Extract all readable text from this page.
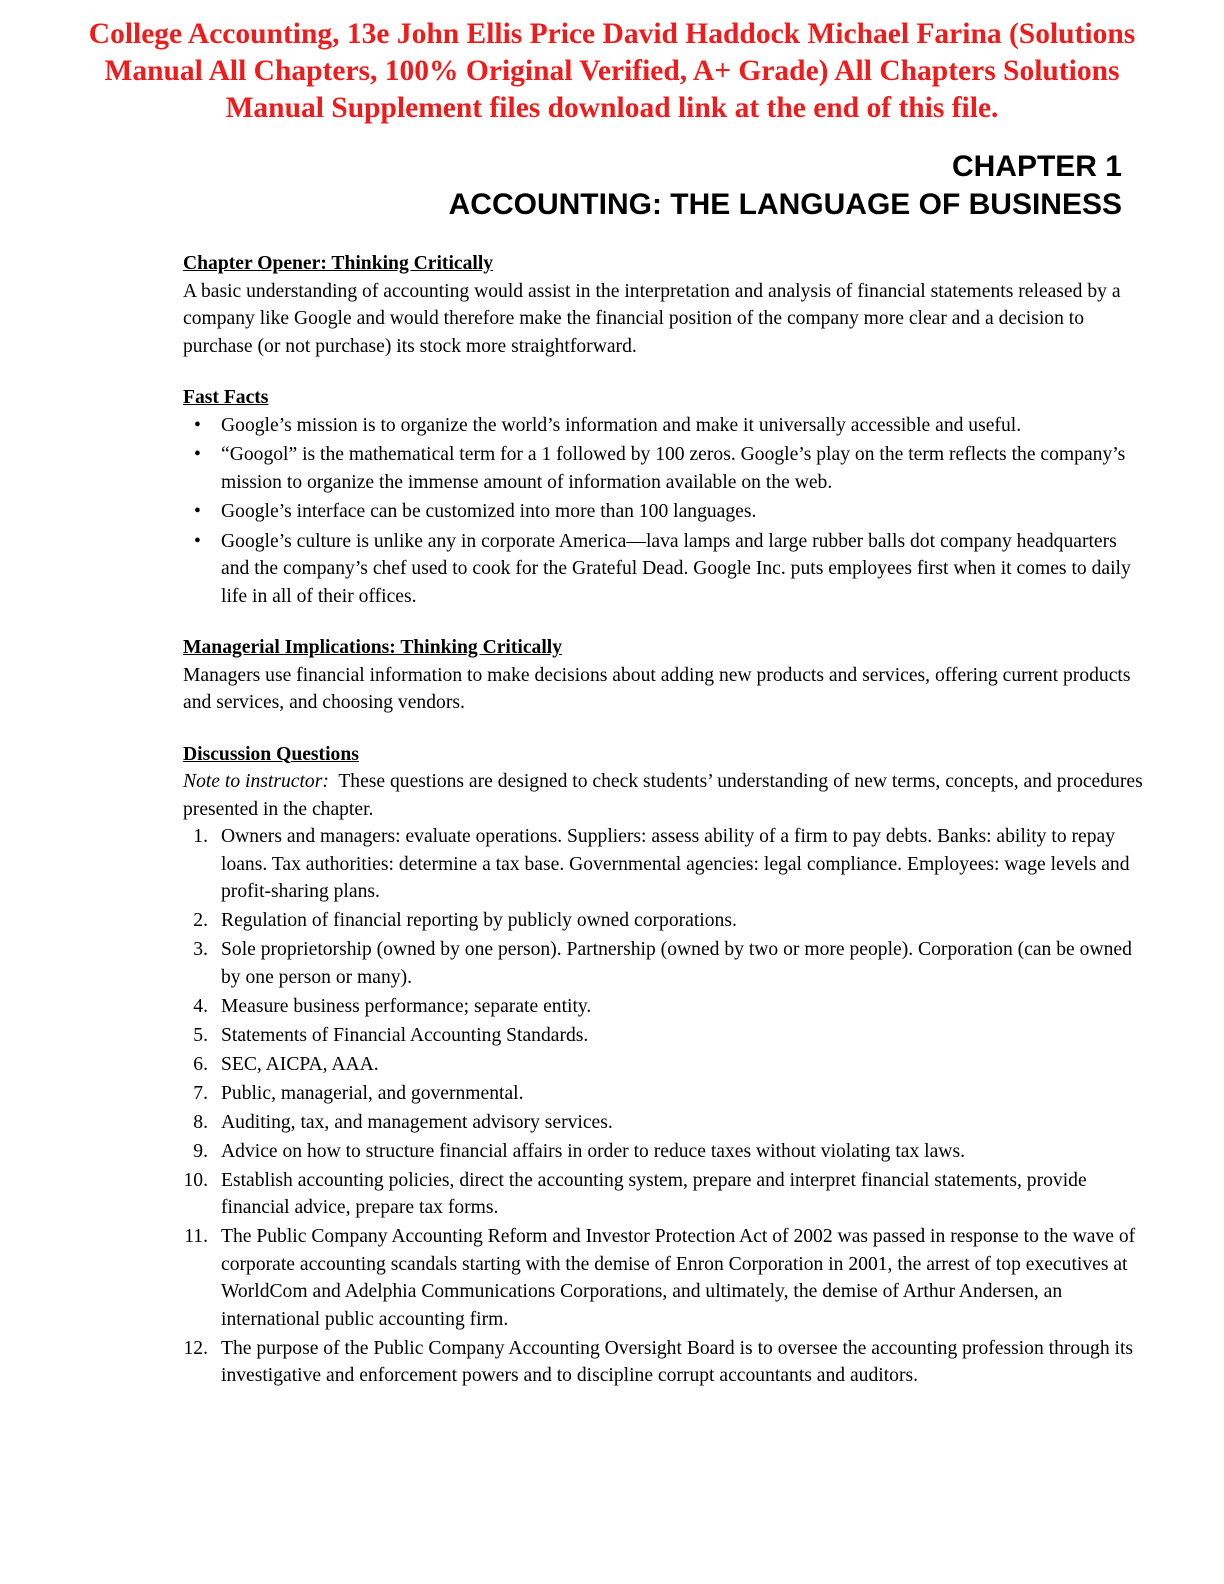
College Accounting, 13e John Ellis Price David Haddock Michael Farina (Solutions
Manual All Chapters, 100% Original Verified, A+ Grade) All Chapters Solutions
Manual Supplement files download link at the end of this file.
CHAPTER 1
ACCOUNTING: THE LANGUAGE OF BUSINESS

Chapter Opener: Thinking Critically

A basic understanding of accounting would assist in the interpretation and analysis of financial statements released by a company like Google and would therefore make the financial position of the company more clear and a decision to purchase (or not purchase) its stock more straightforward.

Fast Facts

• Google’s mission is to organize the world’s information and make it universally accessible and useful.
• “Googol” is the mathematical term for a 1 followed by 100 zeros. Google’s play on the term reflects the company’s mission to organize the immense amount of information available on the web.
• Google’s interface can be customized into more than 100 languages.
• Google’s culture is unlike any in corporate America—lava lamps and large rubber balls dot company headquarters and the company’s chef used to cook for the Grateful Dead. Google Inc. puts employees first when it comes to daily life in all of their offices.

Managerial Implications: Thinking Critically

Managers use financial information to make decisions about adding new products and services, offering current products and services, and choosing vendors.

Discussion Questions

Note to instructor: These questions are designed to check students’ understanding of new terms, concepts, and procedures presented in the chapter.

1. Owners and managers: evaluate operations. Suppliers: assess ability of a firm to pay debts. Banks: ability to repay loans. Tax authorities: determine a tax base. Governmental agencies: legal compliance. Employees: wage levels and profit-sharing plans.
2. Regulation of financial reporting by publicly owned corporations.
3. Sole proprietorship (owned by one person). Partnership (owned by two or more people). Corporation (can be owned by one person or many).
4. Measure business performance; separate entity.
5. Statements of Financial Accounting Standards.
6. SEC, AICPA, AAA.
7. Public, managerial, and governmental.
8. Auditing, tax, and management advisory services.
9. Advice on how to structure financial affairs in order to reduce taxes without violating tax laws.
10. Establish accounting policies, direct the accounting system, prepare and interpret financial statements, provide financial advice, prepare tax forms.
11. The Public Company Accounting Reform and Investor Protection Act of 2002 was passed in response to the wave of corporate accounting scandals starting with the demise of Enron Corporation in 2001, the arrest of top executives at WorldCom and Adelphia Communications Corporations, and ultimately, the demise of Arthur Andersen, an international public accounting firm.
12. The purpose of the Public Company Accounting Oversight Board is to oversee the accounting profession through its investigative and enforcement powers and to discipline corrupt accountants and auditors.
